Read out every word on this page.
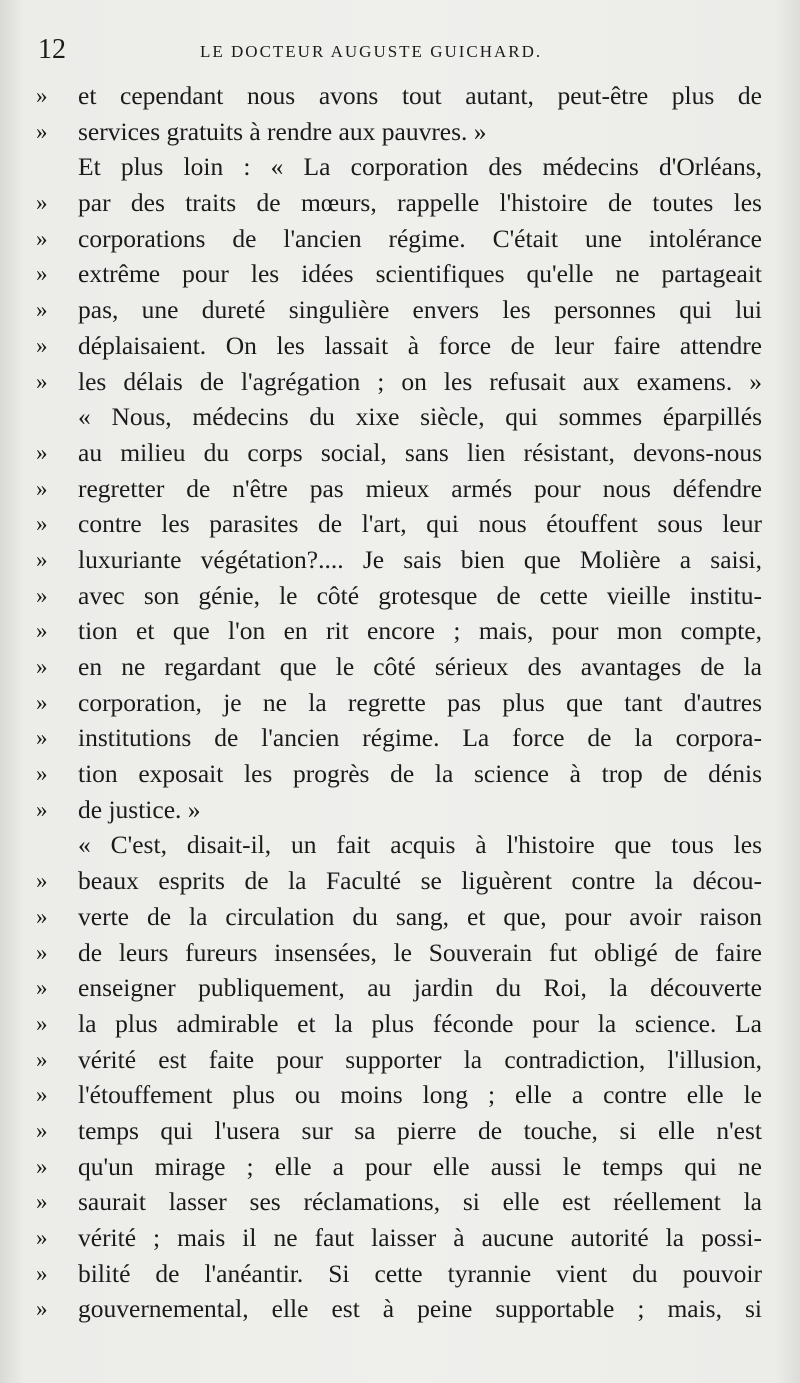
12	LE DOCTEUR AUGUSTE GUICHARD.
»	et cependant nous avons tout autant, peut-être plus de
»	services gratuits à rendre aux pauvres. »
Et plus loin : « La corporation des médecins d'Orléans,
»	par des traits de mœurs, rappelle l'histoire de toutes les
»	corporations de l'ancien régime. C'était une intolérance
»	extrême pour les idées scientifiques qu'elle ne partageait
»	pas, une dureté singulière envers les personnes qui lui
»	déplaisaient. On les lassait à force de leur faire attendre
»	les délais de l'agrégation ; on les refusait aux examens. »
« Nous, médecins du xixe siècle, qui sommes éparpillés
»	au milieu du corps social, sans lien résistant, devons-nous
»	regretter de n'être pas mieux armés pour nous défendre
»	contre les parasites de l'art, qui nous étouffent sous leur
»	luxuriante végétation?.... Je sais bien que Molière a saisi,
»	avec son génie, le côté grotesque de cette vieille institu-
»	tion et que l'on en rit encore ; mais, pour mon compte,
»	en ne regardant que le côté sérieux des avantages de la
»	corporation, je ne la regrette pas plus que tant d'autres
»	institutions de l'ancien régime. La force de la corpora-
»	tion exposait les progrès de la science à trop de dénis
»	de justice. »
« C'est, disait-il, un fait acquis à l'histoire que tous les
»	beaux esprits de la Faculté se liguèrent contre la décou-
»	verte de la circulation du sang, et que, pour avoir raison
»	de leurs fureurs insensées, le Souverain fut obligé de faire
»	enseigner publiquement, au jardin du Roi, la découverte
»	la plus admirable et la plus féconde pour la science. La
»	vérité est faite pour supporter la contradiction, l'illusion,
»	l'étouffement plus ou moins long ; elle a contre elle le
»	temps qui l'usera sur sa pierre de touche, si elle n'est
»	qu'un mirage ; elle a pour elle aussi le temps qui ne
»	saurait lasser ses réclamations, si elle est réellement la
»	vérité ; mais il ne faut laisser à aucune autorité la possi-
»	bilité de l'anéantir. Si cette tyrannie vient du pouvoir
»	gouvernemental, elle est à peine supportable ; mais, si
